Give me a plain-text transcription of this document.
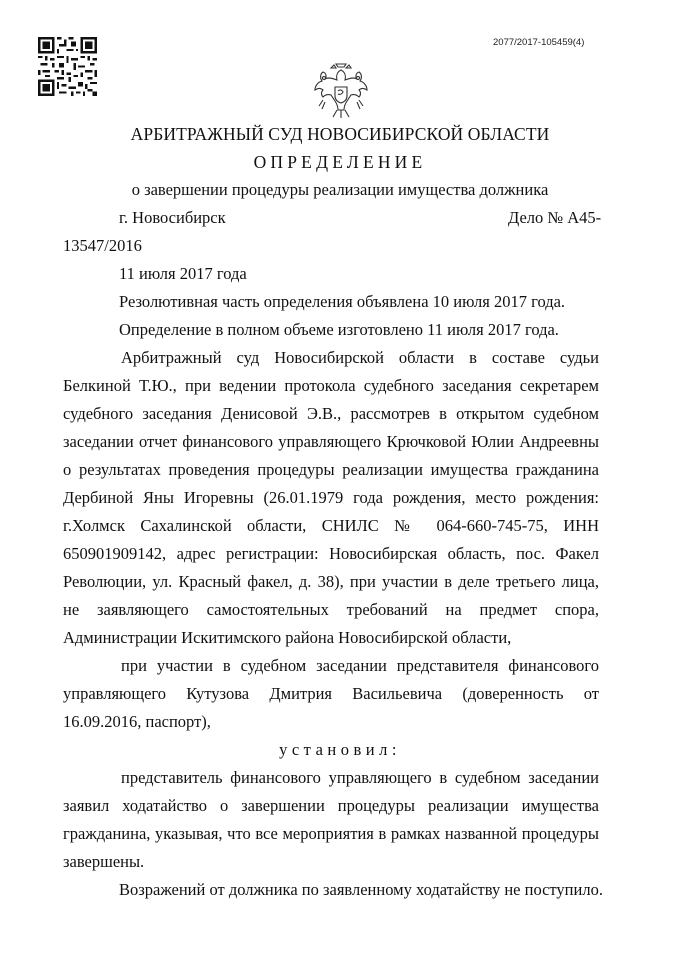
2077/2017-105459(4)
АРБИТРАЖНЫЙ СУД НОВОСИБИРСКОЙ ОБЛАСТИ
ОПРЕДЕЛЕНИЕ
о завершении процедуры реализации имущества должника
г. Новосибирск	Дело № А45-
13547/2016
11 июля 2017 года
Резолютивная часть определения объявлена 10 июля 2017 года.
Определение в полном объеме изготовлено 11 июля 2017 года.
Арбитражный суд Новосибирской области в составе судьи
Белкиной Т.Ю., при ведении протокола судебного заседания секретарем
судебного заседания Денисовой Э.В., рассмотрев в открытом судебном
заседании отчет финансового управляющего Крючковой Юлии Андреевны
о результатах проведения процедуры реализации имущества гражданина
Дербиной Яны Игоревны (26.01.1979 года рождения, место рождения:
г.Холмск Сахалинской области, СНИЛС № 064-660-745-75, ИНН
650901909142, адрес регистрации: Новосибирская область, пос. Факел
Революции, ул. Красный факел, д. 38), при участии в деле третьего лица,
не заявляющего самостоятельных требований на предмет спора,
Администрации Искитимского района Новосибирской области,
при участии в судебном заседании представителя финансового
управляющего Кутузова Дмитрия Васильевича (доверенность от
16.09.2016, паспорт),
установил:
представитель финансового управляющего в судебном заседании
заявил ходатайство о завершении процедуры реализации имущества
гражданина, указывая, что все мероприятия в рамках названной процедуры
завершены.
Возражений от должника по заявленному ходатайству не поступило.
